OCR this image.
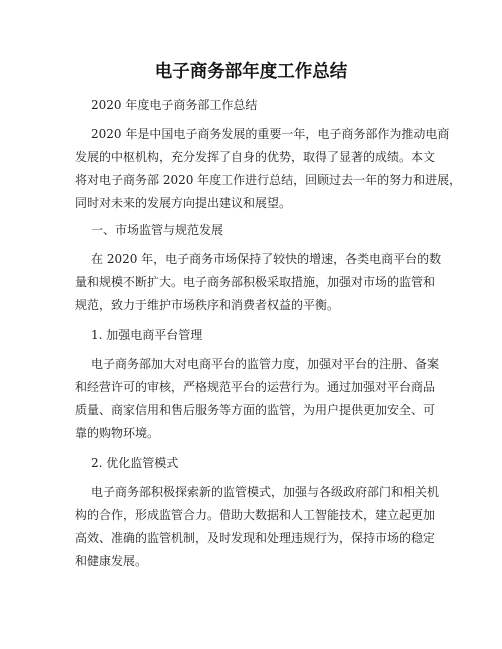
电子商务部年度工作总结
2020 年度电子商务部工作总结
2020 年是中国电子商务发展的重要一年，电子商务部作为推动电商
发展的中枢机构，充分发挥了自身的优势，取得了显著的成绩。本文
将对电子商务部 2020 年度工作进行总结，回顾过去一年的努力和进展，
同时对未来的发展方向提出建议和展望。
一、市场监管与规范发展
在 2020 年，电子商务市场保持了较快的增速，各类电商平台的数
量和规模不断扩大。电子商务部积极采取措施，加强对市场的监管和
规范，致力于维护市场秩序和消费者权益的平衡。
1. 加强电商平台管理
电子商务部加大对电商平台的监管力度，加强对平台的注册、备案
和经营许可的审核，严格规范平台的运营行为。通过加强对平台商品
质量、商家信用和售后服务等方面的监管，为用户提供更加安全、可
靠的购物环境。
2. 优化监管模式
电子商务部积极探索新的监管模式，加强与各级政府部门和相关机
构的合作，形成监管合力。借助大数据和人工智能技术，建立起更加
高效、准确的监管机制，及时发现和处理违规行为，保持市场的稳定
和健康发展。
